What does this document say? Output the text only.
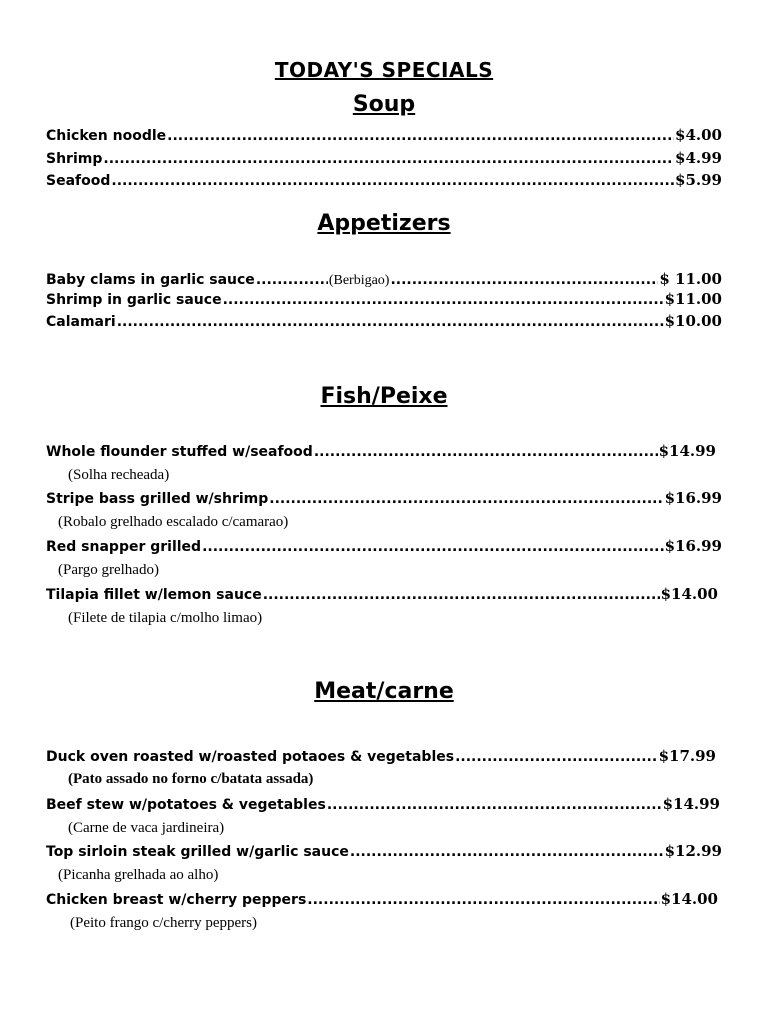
TODAY'S SPECIALS
Soup
Chicken noodle .....	$4.00
Shrimp .....	$4.99
Seafood .....	$5.99
Appetizers
Baby clams in garlic sauce .....	(Berbigao) .....	$ 11.00
Shrimp in garlic sauce .....	$11.00
Calamari .....	$10.00
Fish/Peixe
Whole flounder stuffed w/seafood .....	$14.99
(Solha recheada)
Stripe bass grilled w/shrimp .....	$16.99
(Robalo grelhado escalado c/camarao)
Red snapper grilled .....	$16.99
(Pargo grelhado)
Tilapia fillet w/lemon sauce .....	$14.00
(Filete de tilapia c/molho limao)
Meat/carne
Duck oven roasted w/roasted potaoes & vegetables .....	$17.99
(Pato assado no forno c/batata assada)
Beef stew w/potatoes & vegetables .....	$14.99
(Carne de vaca jardineira)
Top sirloin steak grilled w/garlic sauce .....	$12.99
(Picanha grelhada ao alho)
Chicken breast w/cherry peppers .....	$14.00
(Peito frango c/cherry peppers)
